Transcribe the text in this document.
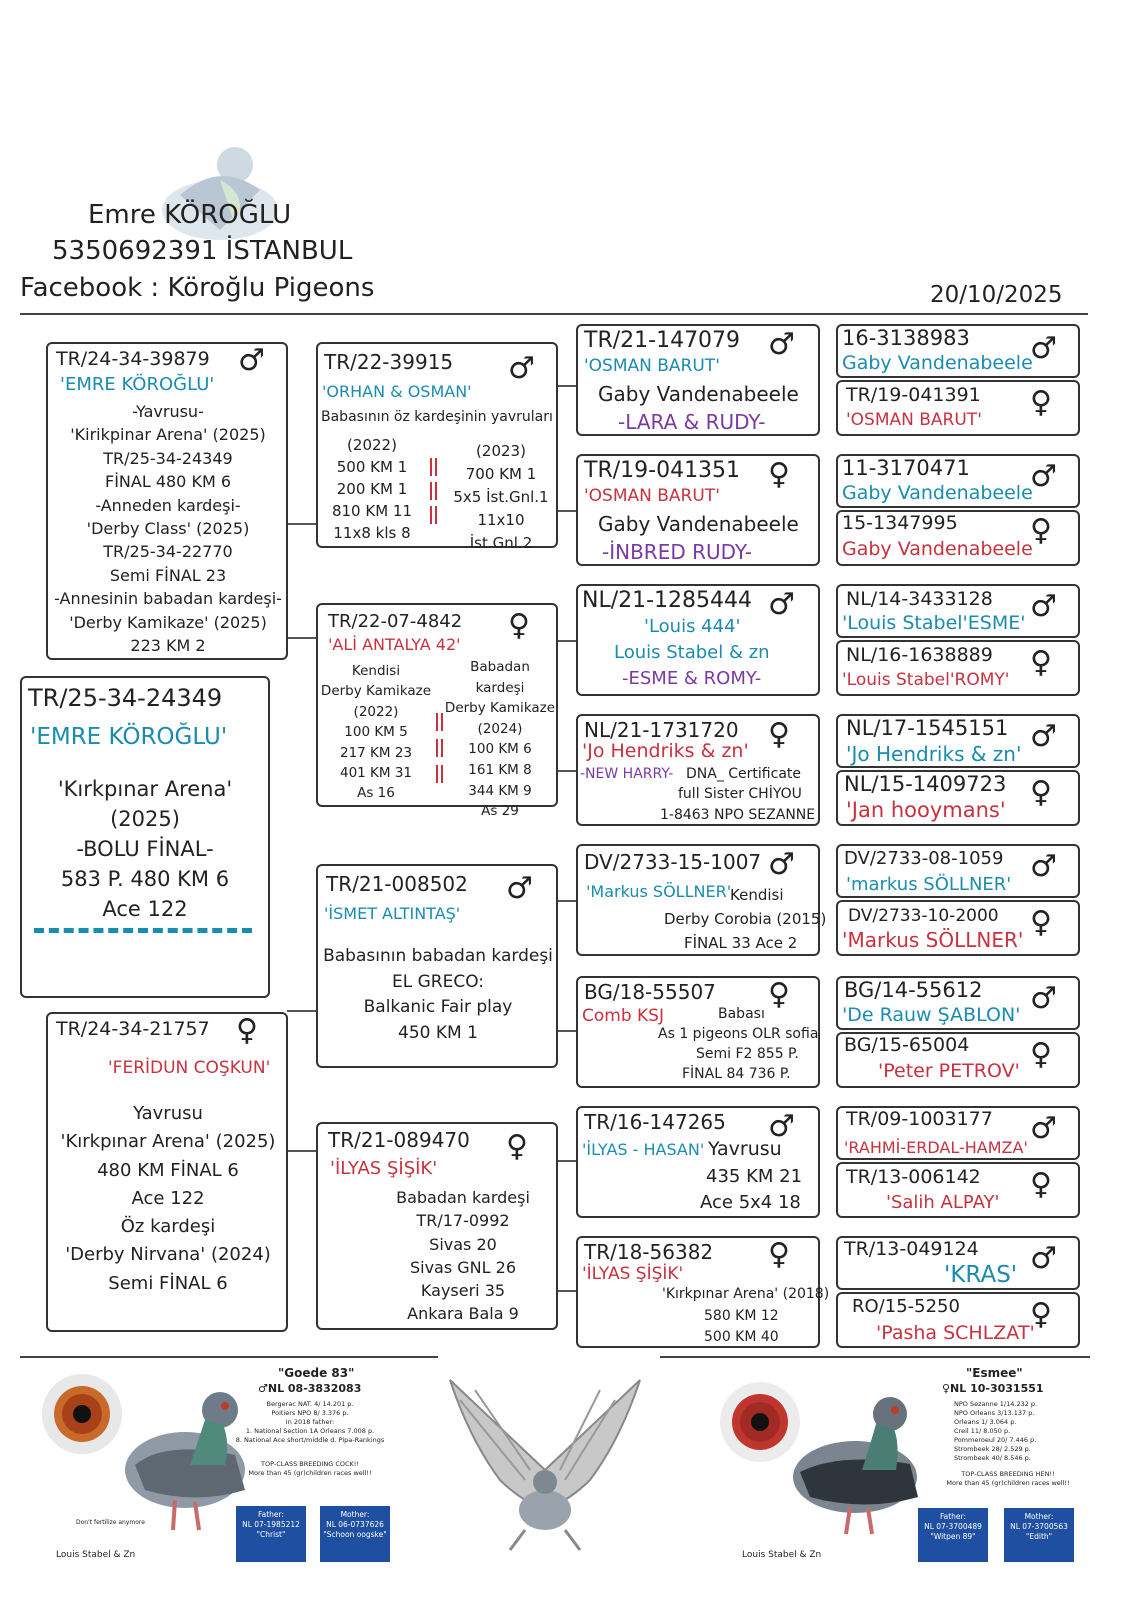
Emre KÖROĞLU
5350692391 İSTANBUL
Facebook : Köroğlu Pigeons	20/10/2025
TR/24-34-39879 ♂
'EMRE KÖROĞLU'
-Yavrusu-
'Kirikpinar Arena' (2025)
TR/25-34-24349
FİNAL 480 KM 6
-Anneden kardeşi-
'Derby Class' (2025)
TR/25-34-22770
Semi FİNAL 23
-Annesinin babadan kardeşi-
'Derby Kamikaze' (2025)
223 KM 2
TR/25-34-24349
'EMRE KÖROĞLU'
'Kırkpınar Arena' (2025)
-BOLU FİNAL-
583 P. 480 KM 6
Ace 122
TR/24-34-21757 ♀
'FERİDUN COŞKUN'
Yavrusu
'Kırkpınar Arena' (2025)
480 KM FİNAL 6
Ace 122
Öz kardeşi
'Derby Nirvana' (2024)
Semi FİNAL 6
TR/22-39915 ♂
'ORHAN & OSMAN'
Babasının öz kardeşinin yavruları
(2022)
500 KM 1
200 KM 1
810 KM 11
11x8 kls 8
(2023)
700 KM 1
5x5 İst.Gnl.1
11x10 İst.Gnl.2
TR/22-07-4842 ♀
'ALİ ANTALYA 42'
Kendisi
Derby Kamikaze
(2022)
100 KM 5
217 KM 23
401 KM 31
As 16
Babadan kardeşi
Derby Kamikaze
(2024)
100 KM 6
161 KM 8
344 KM 9
As 29
TR/21-008502 ♂
'İSMET ALTINTAŞ'
Babasının babadan kardeşi
EL GRECO:
Balkanic Fair play
450 KM 1
TR/21-089470 ♀
'İLYAS ŞİŞİK'
Babadan kardeşi
TR/17-0992
Sivas 20
Sivas GNL 26
Kayseri 35
Ankara Bala 9
TR/21-147079 ♂
'OSMAN BARUT'
Gaby Vandenabeele
-LARA & RUDY-
TR/19-041351 ♀
'OSMAN BARUT'
Gaby Vandenabeele
-İNBRED RUDY-
NL/21-1285444 ♂
'Louis 444'
Louis Stabel & zn
-ESME & ROMY-
NL/21-1731720 ♀
'Jo Hendriks & zn'
-NEW HARRY- DNA_ Certificate
full Sister CHİYOU
1-8463 NPO SEZANNE
DV/2733-15-1007 ♂
'Markus SÖLLNER'
Kendisi
Derby Corobia (2015)
FİNAL 33 Ace 2
BG/18-55507 ♀
Comb KSJ	Babası
As 1 pigeons OLR sofia
Semi F2 855 P.
FİNAL 84 736 P.
TR/16-147265 ♂
'İLYAS - HASAN' Yavrusu
435 KM 21
Ace 5x4 18
TR/18-56382 ♀
'İLYAS ŞİŞİK'
'Kırkpınar Arena' (2018)
580 KM 12
500 KM 40
16-3138983 ♂
Gaby Vandenabeele
TR/19-041391 ♀
'OSMAN BARUT'
11-3170471 ♂
Gaby Vandenabeele
15-1347995 ♀
Gaby Vandenabeele
NL/14-3433128 ♂
'Louis Stabel'ESME'
NL/16-1638889 ♀
'Louis Stabel'ROMY'
NL/17-1545151 ♂
'Jo Hendriks & zn'
NL/15-1409723 ♀
'Jan hooymans'
DV/2733-08-1059 ♂
'markus SÖLLNER'
DV/2733-10-2000 ♀
'Markus SÖLLNER'
BG/14-55612 ♂
'De Rauw ŞABLON'
BG/15-65004 ♀
'Peter PETROV'
TR/09-1003177 ♂
'RAHMİ-ERDAL-HAMZA'
TR/13-006142 ♀
'Salih ALPAY'
TR/13-049124 ♂
'KRAS'
RO/15-5250 ♀
'Pasha SCHLZAT'
"Goede 83"
♂NL 08-3832083
Bergerac NAT. 4/ 14.201 p.
Poitiers NPO 8/ 3.376 p.
In 2018 father:
1. National Section 1A Orleans 7.008 p.
8. National Ace short/middle d. Pipa-Rankings
TOP-CLASS BREEDING COCK!!
More than 45 (gr)children races well!!
Father:
NL 07-1985212
"Christ"
Mother:
NL 06-0737626
"Schoon oogske"
Don't fertilize anymore
Louis Stabel & Zn
"Esmee"
♀NL 10-3031551
NPO Sezanne 1/14.232 p.
NPO Orleans 3/13.137 p.
Orleans 1/ 3.064 p.
Creil 11/ 8.050 p.
Pommeroeul 20/ 7.446 p.
Strombeek 28/ 2.529 p.
Strombeek 40/ 8.546 p.
TOP-CLASS BREEDING HEN!!
More than 45 (gr)children races well!!
Father:
NL 07-3700489
"Witpen 89"
Mother:
NL 07-3700563
"Edith"
Louis Stabel & Zn
